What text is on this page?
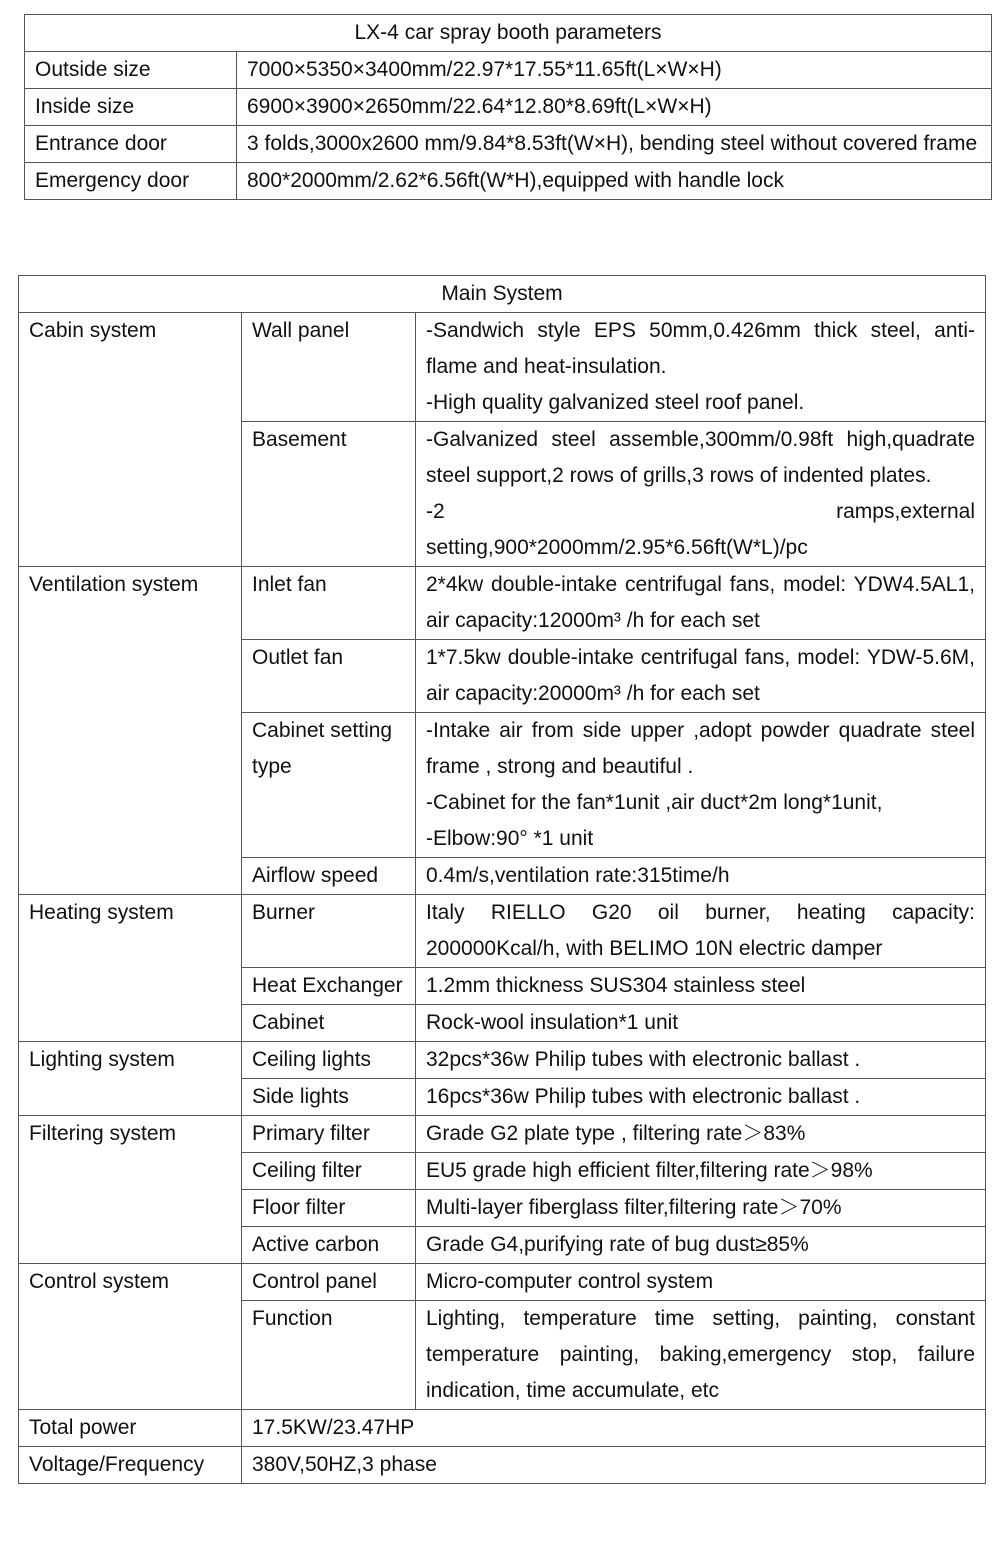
LX-4 car spray booth parameters	
Outside size	7000×5350×3400mm/22.97*17.55*11.65ft(L×W×H)
Inside size	6900×3900×2650mm/22.64*12.80*8.69ft(L×W×H)
Entrance door	3 folds,3000x2600 mm/9.84*8.53ft(W×H), bending steel without covered frame
Emergency door	800*2000mm/2.62*6.56ft(W*H),equipped with handle lock
Main System		
Cabin system	Wall panel	-Sandwich style EPS 50mm,0.426mm thick steel, anti-flame and heat-insulation.
-High quality galvanized steel roof panel.

	Basement	-Galvanized steel assemble,300mm/0.98ft high,quadrate steel support,2 rows of grills,3 rows of indented plates.
-2 ramps,external setting,900*2000mm/2.95*6.56ft(W*L)/pc

Ventilation system	Inlet fan	2*4kw double-intake centrifugal fans, model: YDW4.5AL1, air capacity:12000m³ /h for each set

	Outlet fan	1*7.5kw double-intake centrifugal fans, model: YDW-5.6M, air capacity:20000m³ /h for each set

	Cabinet setting type	-Intake air from side upper ,adopt powder quadrate steel frame , strong and beautiful .
-Cabinet for the fan*1unit ,air duct*2m long*1unit,
-Elbow:90° *1 unit

	Airflow speed	0.4m/s,ventilation rate:315time/h

Heating system	Burner	Italy RIELLO G20 oil burner, heating capacity: 200000Kcal/h, with BELIMO 10N electric damper

	Heat Exchanger	1.2mm thickness SUS304 stainless steel

	Cabinet	Rock-wool insulation*1 unit

Lighting system	Ceiling lights	32pcs*36w Philip tubes with electronic ballast .

	Side lights	16pcs*36w Philip tubes with electronic ballast .

Filtering system	Primary filter	Grade G2 plate type , filtering rate＞83%

	Ceiling filter	EU5 grade high efficient filter,filtering rate＞98%

	Floor filter	Multi-layer fiberglass filter,filtering rate＞70%

	Active carbon	Grade G4,purifying rate of bug dust≥85%

Control system	Control panel	Micro-computer control system

	Function	Lighting, temperature time setting, painting, constant temperature painting, baking,emergency stop, failure indication, time accumulate, etc

Total power	17.5KW/23.47HP	
Voltage/Frequency	380V,50HZ,3 phase	
